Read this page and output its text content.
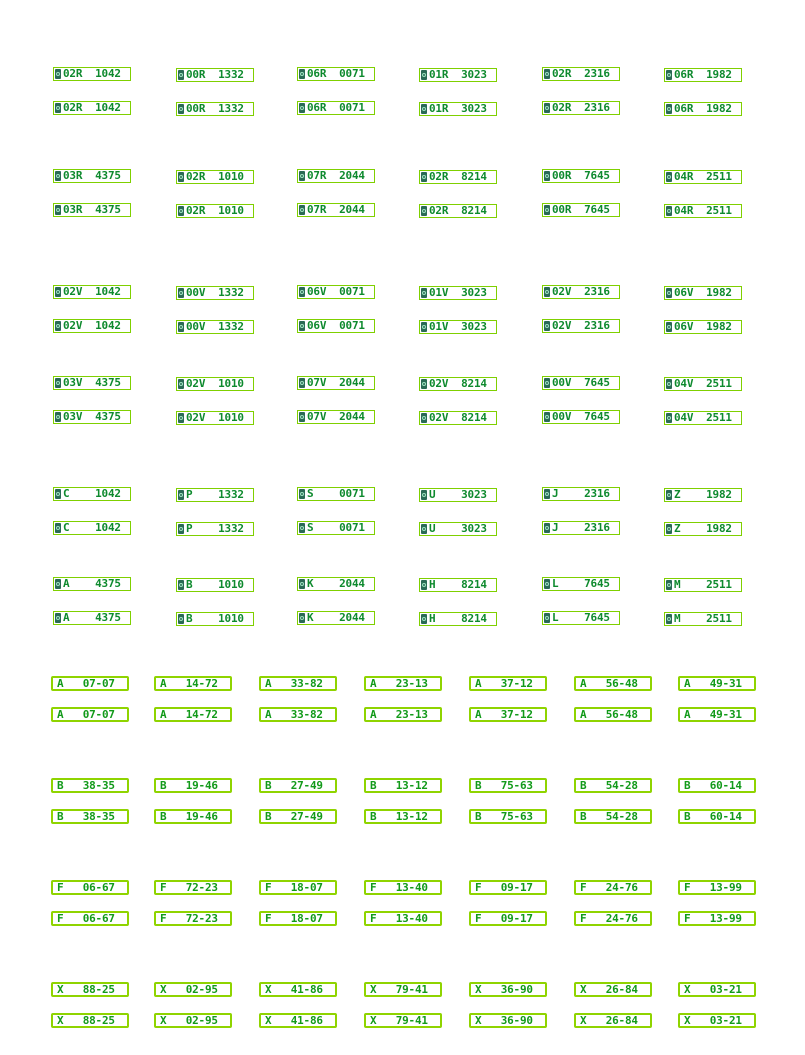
02R  1042	00R  1332	06R  0071	01R  3023	02R  2316	06R  1982
02R  1042	00R  1332	06R  0071	01R  3023	02R  2316	06R  1982
03R  4375	02R  1010	07R  2044	02R  8214	00R  7645	04R  2511
03R  4375	02R  1010	07R  2044	02R  8214	00R  7645	04R  2511
02V  1042	00V  1332	06V  0071	01V  3023	02V  2316	06V  1982
02V  1042	00V  1332	06V  0071	01V  3023	02V  2316	06V  1982
03V  4375	02V  1010	07V  2044	02V  8214	00V  7645	04V  2511
03V  4375	02V  1010	07V  2044	02V  8214	00V  7645	04V  2511
C    1042	P    1332	S    0071	U    3023	J    2316	Z    1982
C    1042	P    1332	S    0071	U    3023	J    2316	Z    1982
A    4375	B    1010	K    2044	H    8214	L    7645	M    2511
A    4375	B    1010	K    2044	H    8214	L    7645	M    2511
A   07-07	A   14-72	A   33-82	A   23-13	A   37-12	A   56-48	A   49-31
A   07-07	A   14-72	A   33-82	A   23-13	A   37-12	A   56-48	A   49-31
B   38-35	B   19-46	B   27-49	B   13-12	B   75-63	B   54-28	B   60-14
B   38-35	B   19-46	B   27-49	B   13-12	B   75-63	B   54-28	B   60-14
F   06-67	F   72-23	F   18-07	F   13-40	F   09-17	F   24-76	F   13-99
F   06-67	F   72-23	F   18-07	F   13-40	F   09-17	F   24-76	F   13-99
X   88-25	X   02-95	X   41-86	X   79-41	X   36-90	X   26-84	X   03-21
X   88-25	X   02-95	X   41-86	X   79-41	X   36-90	X   26-84	X   03-21
